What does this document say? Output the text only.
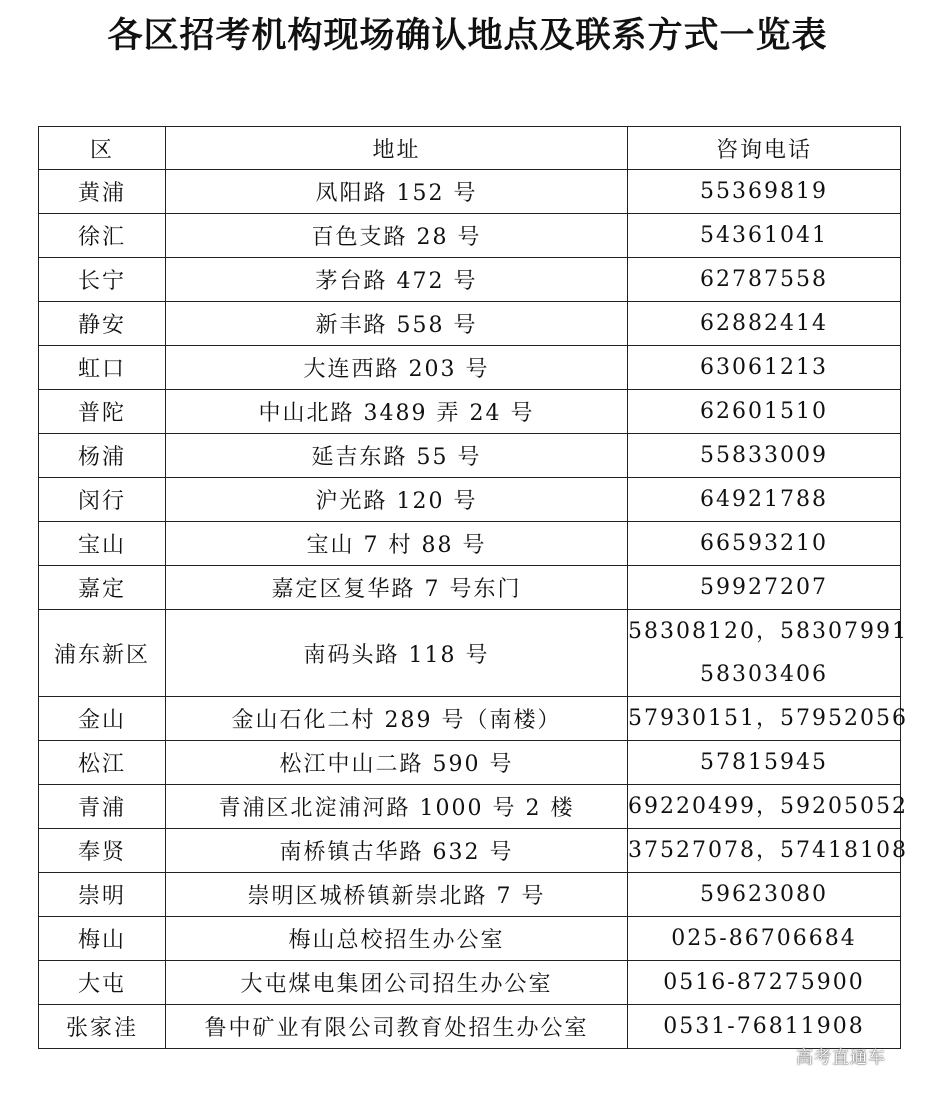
各区招考机构现场确认地点及联系方式一览表
区	地址	咨询电话
黄浦	凤阳路 152 号	55369819

徐汇	百色支路 28 号	54361041

长宁	茅台路 472 号	62787558

静安	新丰路 558 号	62882414

虹口	大连西路 203 号	63061213

普陀	中山北路 3489 弄 24 号	62601510

杨浦	延吉东路 55 号	55833009

闵行	沪光路 120 号	64921788

宝山	宝山 7 村 88 号	66593210

嘉定	嘉定区复华路 7 号东门	59927207

浦东新区	南码头路 118 号	58308120，58307991
58303406

金山	金山石化二村 289 号（南楼）	57930151，57952056

松江	松江中山二路 590 号	57815945

青浦	青浦区北淀浦河路 1000 号 2 楼	69220499，59205052

奉贤	南桥镇古华路 632 号	37527078，57418108

崇明	崇明区城桥镇新崇北路 7 号	59623080

梅山	梅山总校招生办公室	025-86706684

大屯	大屯煤电集团公司招生办公室	0516-87275900

张家洼	鲁中矿业有限公司教育处招生办公室	0531-76811908
高考直通车
